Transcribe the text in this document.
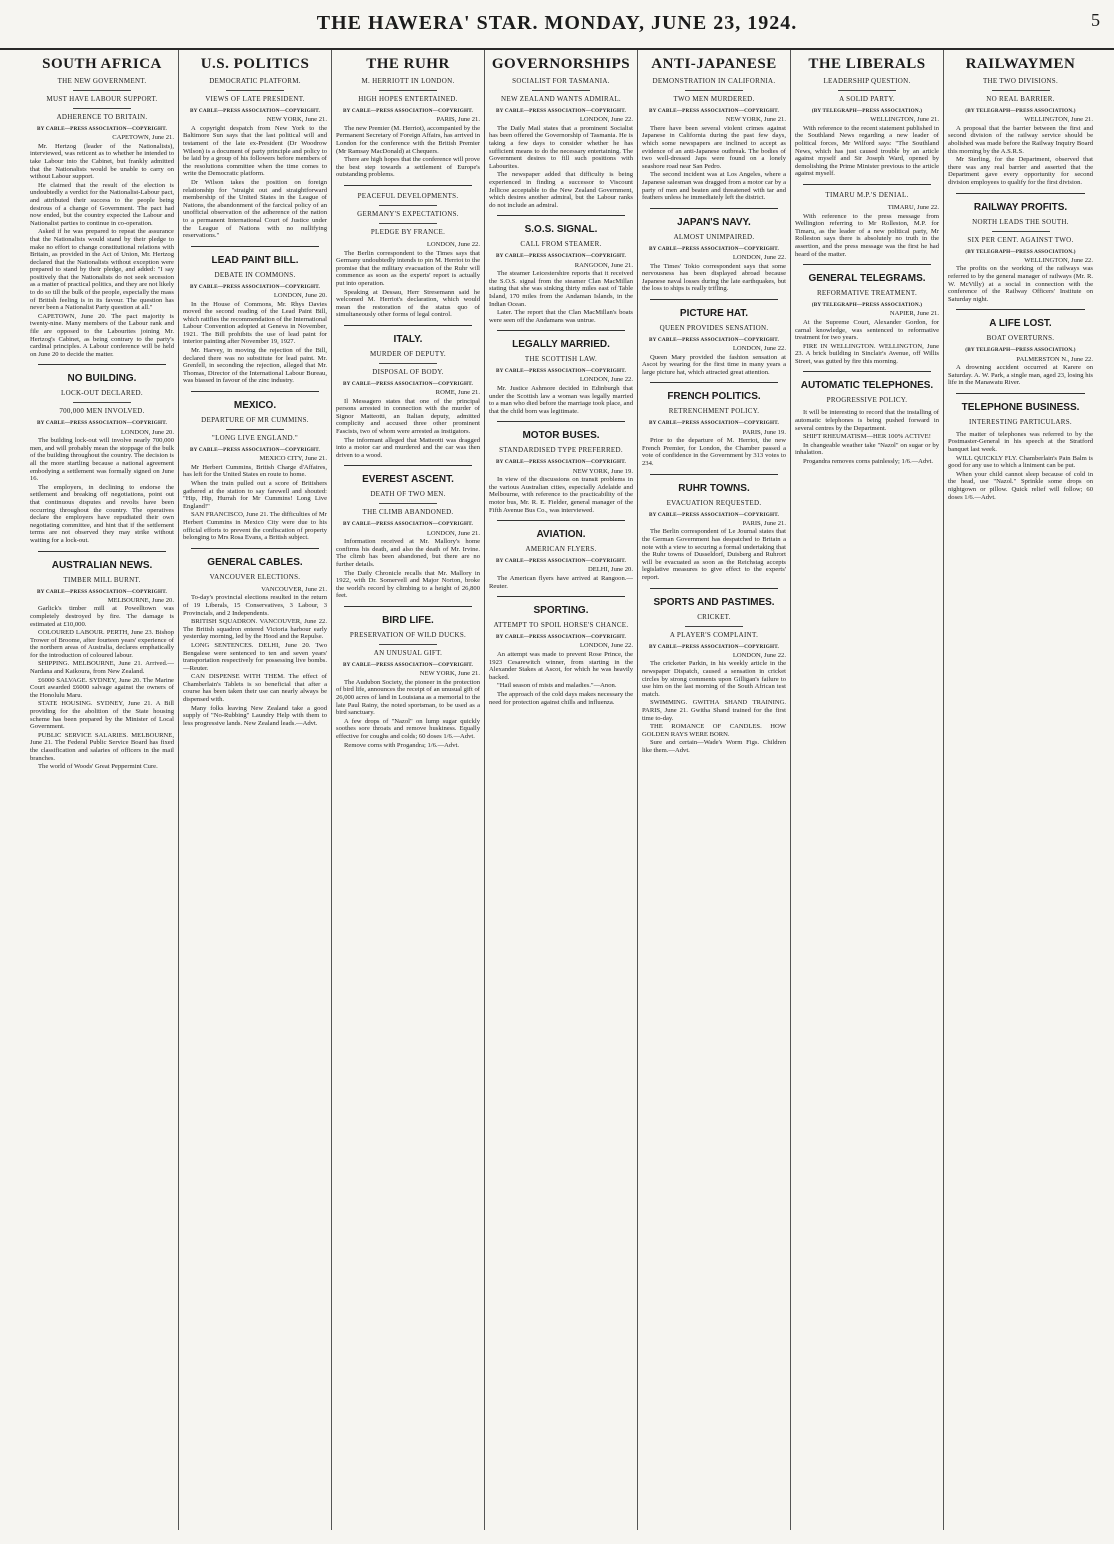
THE HAWERA' STAR. MONDAY, JUNE 23, 1924.	5
SOUTH AFRICA
THE NEW GOVERNMENT.
MUST HAVE LABOUR SUPPORT.
ADHERENCE TO BRITAIN.
BY CABLE—PRESS ASSOCIATION—COPYRIGHT.
CAPETOWN, June 21.

Mr. Hertzog (leader of the Nationalists), interviewed, was reticent as to whether he intended to take Labour into the Cabinet, but frankly admitted that the Nationalists would be unable to carry on without Labour support.

He claimed that the result of the election is undoubtedly a verdict for the Nationalist-Labour pact, and attributed their success to the people being desirous of a change of Government. The pact had now ended, but the country expected the Labour and Nationalist parties to continue in co-operation.

Asked if he was prepared to repeat the assurance that the Nationalists would stand by their pledge to make no effort to change constitutional relations with Britain, as provided in the Act of Union, Mr. Hertzog declared that the Nationalists without exception were prepared to stand by their pledge, and added: "I say positively that the Nationalists do not seek secession as a matter of practical politics, and they are not likely to do so till the bulk of the people, especially the mass of British feeling is in its favour. The question has never been a Nationalist Party question at all."

CAPETOWN, June 20. The pact majority is twenty-nine. Many members of the Labour rank and file are opposed to the Labourites joining Mr. Hertzog's Cabinet, as being contrary to the party's cardinal principles. A Labour conference will be held on June 20 to decide the matter.

NO BUILDING.
LOCK-OUT DECLARED.
700,000 MEN INVOLVED.
BY CABLE—PRESS ASSOCIATION—COPYRIGHT.
LONDON, June 20.

The building lock-out will involve nearly 700,000 men, and will probably mean the stoppage of the bulk of the building throughout the country. The decision is all the more startling because a national agreement embodying a settlement was formally signed on June 16.

The employers, in declining to endorse the settlement and breaking off negotiations, point out that continuous disputes and revolts have been occurring throughout the country. The operatives declare the employers have repudiated their own negotiating committee, and hint that if the settlement terms are not observed they may strike without waiting for a lock-out.

AUSTRALIAN NEWS.
TIMBER MILL BURNT.
BY CABLE—PRESS ASSOCIATION—COPYRIGHT.
MELBOURNE, June 20.

Garlick's timber mill at Powelltown was completely destroyed by fire. The damage is estimated at £10,000.

COLOURED LABOUR. PERTH, June 23. Bishop Trower of Broome, after fourteen years' experience of the northern areas of Australia, declares emphatically for the introduction of coloured labour.

SHIPPING. MELBOURNE, June 21. Arrived.—Nardana and Kaikoura, from New Zealand.

£6000 SALVAGE. SYDNEY, June 20. The Marine Court awarded £6000 salvage against the owners of the Honolulu Maru.

STATE HOUSING. SYDNEY, June 21. A Bill providing for the abolition of the State housing scheme has been prepared by the Minister of Local Government.

PUBLIC SERVICE SALARIES. MELBOURNE, June 21. The Federal Public Service Board has fixed the classification and salaries of officers in the mail branches.

The world of Woods' Great Peppermint Cure.

U.S. POLITICS
DEMOCRATIC PLATFORM.
VIEWS OF LATE PRESIDENT.
BY CABLE—PRESS ASSOCIATION—COPYRIGHT.
NEW YORK, June 21.

A copyright despatch from New York to the Baltimore Sun says that the last political will and testament of the late ex-President (Dr Woodrow Wilson) is a document of party principle and policy to be laid by a group of his followers before members of the resolutions committee when the time comes to write the Democratic platform.

Dr Wilson takes the position on foreign relationship for "straight out and straightforward membership of the United States in the League of Nations, the abandonment of the farcical policy of an unofficial observation of the adherence of the nation to a permanent International Court of Justice under the League of Nations with no nullifying reservations."

LEAD PAINT BILL.
DEBATE IN COMMONS.
BY CABLE—PRESS ASSOCIATION—COPYRIGHT.
LONDON, June 20.

In the House of Commons, Mr. Rhys Davies moved the second reading of the Lead Paint Bill, which ratifies the recommendation of the International Labour Convention adopted at Geneva in November, 1921. The Bill prohibits the use of lead paint for interior painting after November 19, 1927.

Mr. Harvey, in moving the rejection of the Bill, declared there was no substitute for lead paint. Mr. Grenfell, in seconding the rejection, alleged that Mr. Thomas, Director of the International Labour Bureau, was biassed in favour of the zinc industry.

MEXICO.
DEPARTURE OF MR CUMMINS.
"LONG LIVE ENGLAND."
BY CABLE—PRESS ASSOCIATION—COPYRIGHT.
MEXICO CITY, June 21.

Mr Herbert Cummins, British Charge d'Affaires, has left for the United States en route to home.

When the train pulled out a score of Britishers gathered at the station to say farewell and shouted: "Hip, Hip, Hurrah for Mr Cummins! Long Live England!"

SAN FRANCISCO, June 21. The difficulties of Mr Herbert Cummins in Mexico City were due to his official efforts to prevent the confiscation of property belonging to Mrs Rosa Evans, a British subject.

GENERAL CABLES.
VANCOUVER ELECTIONS.
VANCOUVER, June 21.

To-day's provincial elections resulted in the return of 19 Liberals, 15 Conservatives, 3 Labour, 3 Provincials, and 2 Independents.

BRITISH SQUADRON. VANCOUVER, June 22. The British squadron entered Victoria harbour early yesterday morning, led by the Hood and the Repulse.

LONG SENTENCES. DELHI, June 20. Two Bengalese were sentenced to ten and seven years' transportation respectively for possessing live bombs.—Reuter.

CAN DISPENSE WITH THEM. The effect of Chamberlain's Tablets is so beneficial that after a course has been taken their use can nearly always be dispensed with.

Many folks leaving New Zealand take a good supply of "No-Rubbing" Laundry Help with them to less progressive lands. New Zealand leads.—Advt.

THE RUHR
M. HERRIOTT IN LONDON.
HIGH HOPES ENTERTAINED.
BY CABLE—PRESS ASSOCIATION—COPYRIGHT.
PARIS, June 21.

The new Premier (M. Herriot), accompanied by the Permanent Secretary of Foreign Affairs, has arrived in London for the conference with the British Premier (Mr Ramsay MacDonald) at Chequers.

There are high hopes that the conference will prove the best step towards a settlement of Europe's outstanding problems.

PEACEFUL DEVELOPMENTS.
GERMANY'S EXPECTATIONS.
PLEDGE BY FRANCE.
LONDON, June 22.

The Berlin correspondent to the Times says that Germany undoubtedly intends to pin M. Herriot to the promise that the military evacuation of the Ruhr will commence as soon as the experts' report is actually put into operation.

Speaking at Dessau, Herr Stresemann said he welcomed M. Herriot's declaration, which would mean the restoration of the status quo of simultaneously other forms of legal control.

ITALY.
MURDER OF DEPUTY.
DISPOSAL OF BODY.
BY CABLE—PRESS ASSOCIATION—COPYRIGHT.
ROME, June 21.

Il Messagero states that one of the principal persons arrested in connection with the murder of Signor Matteotti, an Italian deputy, admitted complicity and accused three other prominent Fascists, two of whom were arrested as instigators.

The informant alleged that Matteotti was dragged into a motor car and murdered and the car was then driven to a wood.

EVEREST ASCENT.
DEATH OF TWO MEN.
THE CLIMB ABANDONED.
BY CABLE—PRESS ASSOCIATION—COPYRIGHT.
LONDON, June 21.

Information received at Mr. Mallory's home confirms his death, and also the death of Mr. Irvine. The climb has been abandoned, but there are no further details.

The Daily Chronicle recalls that Mr. Mallory in 1922, with Dr. Somervell and Major Norton, broke the world's record by climbing to a height of 26,800 feet.

BIRD LIFE.
PRESERVATION OF WILD DUCKS.
AN UNUSUAL GIFT.
BY CABLE—PRESS ASSOCIATION—COPYRIGHT.
NEW YORK, June 21.

The Audubon Society, the pioneer in the protection of bird life, announces the receipt of an unusual gift of 26,000 acres of land in Louisiana as a memorial to the late Paul Rainy, the noted sportsman, to be used as a bird sanctuary.

A few drops of "Nazol" on lump sugar quickly soothes sore throats and remove huskiness. Equally effective for coughs and colds; 60 doses 1/6.—Advt.

Remove corns with Progandra; 1/6.—Advt.

GOVERNORSHIPS
SOCIALIST FOR TASMANIA.
NEW ZEALAND WANTS ADMIRAL.
BY CABLE—PRESS ASSOCIATION—COPYRIGHT.
LONDON, June 22.

The Daily Mail states that a prominent Socialist has been offered the Governorship of Tasmania. He is taking a few days to consider whether he has sufficient means to do the necessary entertaining. The Government desires to fill such positions with Labourites.

The newspaper added that difficulty is being experienced in finding a successor to Viscount Jellicoe acceptable to the New Zealand Government, which desires another admiral, but the Labour ranks do not include an admiral.

S.O.S. SIGNAL.
CALL FROM STEAMER.
BY CABLE—PRESS ASSOCIATION—COPYRIGHT.
RANGOON, June 21.

The steamer Leicestershire reports that it received the S.O.S. signal from the steamer Clan MacMillan stating that she was sinking thirty miles east of Table Island, 170 miles from the Andaman Islands, in the Indian Ocean.

Later. The report that the Clan MacMillan's boats were seen off the Andamans was untrue.

LEGALLY MARRIED.
THE SCOTTISH LAW.
BY CABLE—PRESS ASSOCIATION—COPYRIGHT.
LONDON, June 22.

Mr. Justice Ashmore decided in Edinburgh that under the Scottish law a woman was legally married to a man who died before the marriage took place, and that the child born was legitimate.

MOTOR BUSES.
STANDARDISED TYPE PREFERRED.
BY CABLE—PRESS ASSOCIATION—COPYRIGHT.
NEW YORK, June 19.

In view of the discussions on transit problems in the various Australian cities, especially Adelaide and Melbourne, with reference to the practicability of the motor bus, Mr. R. E. Fielder, general manager of the Fifth Avenue Bus Co., was interviewed.

AVIATION.
AMERICAN FLYERS.
BY CABLE—PRESS ASSOCIATION—COPYRIGHT.
DELHI, June 20.

The American flyers have arrived at Rangoon.—Reuter.

SPORTING.
ATTEMPT TO SPOIL HORSE'S CHANCE.
BY CABLE—PRESS ASSOCIATION—COPYRIGHT.
LONDON, June 22.

An attempt was made to prevent Rose Prince, the 1923 Cesarewitch winner, from starting in the Alexander Stakes at Ascot, for which he was heavily backed.

"Hail season of mists and maladies."—Anon.

The approach of the cold days makes necessary the need for protection against chills and influenza.

ANTI-JAPANESE
DEMONSTRATION IN CALIFORNIA.
TWO MEN MURDERED.
BY CABLE—PRESS ASSOCIATION—COPYRIGHT.
NEW YORK, June 21.

There have been several violent crimes against Japanese in California during the past few days, which some newspapers are inclined to accept as evidence of an anti-Japanese outbreak. The bodies of two well-dressed Japs were found on a lonely seashore road near San Pedro.

The second incident was at Los Angeles, where a Japanese salesman was dragged from a motor car by a party of men and beaten and threatened with tar and feathers unless he immediately left the district.

JAPAN'S NAVY.
ALMOST UNIMPAIRED.
BY CABLE—PRESS ASSOCIATION—COPYRIGHT.
LONDON, June 22.

The Times' Tokio correspondent says that some nervousness has been displayed abroad because Japanese naval losses during the late earthquakes, but the loss to ships is really trifling.

PICTURE HAT.
QUEEN PROVIDES SENSATION.
BY CABLE—PRESS ASSOCIATION—COPYRIGHT.
LONDON, June 22.

Queen Mary provided the fashion sensation at Ascot by wearing for the first time in many years a large picture hat, which attracted great attention.

FRENCH POLITICS.
RETRENCHMENT POLICY.
BY CABLE—PRESS ASSOCIATION—COPYRIGHT.
PARIS, June 19.

Prior to the departure of M. Herriot, the new French Premier, for London, the Chamber passed a vote of confidence in the Government by 313 votes to 234.

RUHR TOWNS.
EVACUATION REQUESTED.
BY CABLE—PRESS ASSOCIATION—COPYRIGHT.
PARIS, June 21.

The Berlin correspondent of Le Journal states that the German Government has despatched to Britain a note with a view to securing a formal undertaking that the Ruhr towns of Dusseldorf, Duisberg and Ruhrort will be evacuated as soon as the Reichstag accepts legislative measures to give effect to the experts' report.

SPORTS AND PASTIMES.
CRICKET.
A PLAYER'S COMPLAINT.
BY CABLE—PRESS ASSOCIATION—COPYRIGHT.
LONDON, June 22.

The cricketer Parkin, in his weekly article in the newspaper Dispatch, caused a sensation in cricket circles by strong comments upon Gilligan's failure to use him on the last morning of the South African test match.

SWIMMING. GWITHA SHAND TRAINING. PARIS, June 21. Gwitha Shand trained for the first time to-day.

THE ROMANCE OF CANDLES. HOW GOLDEN RAYS WERE BORN.

Sure and certain—Wade's Worm Figs. Children like them.—Advt.

THE LIBERALS
LEADERSHIP QUESTION.
A SOLID PARTY.
(BY TELEGRAPH—PRESS ASSOCIATION.)
WELLINGTON, June 21.

With reference to the recent statement published in the Southland News regarding a new leader of political forces, Mr Wilford says: "The Southland News, which has just caused trouble by an article against myself and Sir Joseph Ward, opened by demolishing the Prime Minister previous to the article against myself.

TIMARU M.P.'S DENIAL.
TIMARU, June 22.

With reference to the press message from Wellington referring to Mr Rolleston, M.P. for Timaru, as the leader of a new political party, Mr Rolleston says there is absolutely no truth in the assertion, and the press message was the first he had heard of the matter.

GENERAL TELEGRAMS.
REFORMATIVE TREATMENT.
(BY TELEGRAPH—PRESS ASSOCIATION.)
NAPIER, June 21.

At the Supreme Court, Alexander Gordon, for carnal knowledge, was sentenced to reformative treatment for two years.

FIRE IN WELLINGTON. WELLINGTON, June 23. A brick building in Sinclair's Avenue, off Willis Street, was gutted by fire this morning.

AUTOMATIC TELEPHONES.
PROGRESSIVE POLICY.

It will be interesting to record that the installing of automatic telephones is being pushed forward in several centres by the Department.

SHIFT RHEUMATISM—HER 100% ACTIVE!

In changeable weather take "Nazol" on sugar or by inhalation.

Progandra removes corns painlessly; 1/6.—Advt.

RAILWAYMEN
THE TWO DIVISIONS.
NO REAL BARRIER.
(BY TELEGRAPH—PRESS ASSOCIATION.)
WELLINGTON, June 21.

A proposal that the barrier between the first and second division of the railway service should be abolished was made before the Railway Inquiry Board this morning by the A.S.R.S.

Mr Sterling, for the Department, observed that there was any real barrier and asserted that the Department gave every opportunity for second division employees to qualify for the first division.

RAILWAY PROFITS.
NORTH LEADS THE SOUTH.
SIX PER CENT. AGAINST TWO.
(BY TELEGRAPH—PRESS ASSOCIATION.)
WELLINGTON, June 22.

The profits on the working of the railways was referred to by the general manager of railways (Mr. R. W. McVilly) at a social in connection with the conference of the Railway Officers' Institute on Saturday night.

A LIFE LOST.
BOAT OVERTURNS.
(BY TELEGRAPH—PRESS ASSOCIATION.)
PALMERSTON N., June 22.

A drowning accident occurred at Karere on Saturday. A. W. Park, a single man, aged 23, losing his life in the Manawatu River.

TELEPHONE BUSINESS.
INTERESTING PARTICULARS.

The matter of telephones was referred to by the Postmaster-General in his speech at the Stratford banquet last week.

WILL QUICKLY FLY. Chamberlain's Pain Balm is good for any use to which a liniment can be put.

When your child cannot sleep because of cold in the head, use "Nazol." Sprinkle some drops on nightgown or pillow. Quick relief will follow; 60 doses 1/6.—Advt.
